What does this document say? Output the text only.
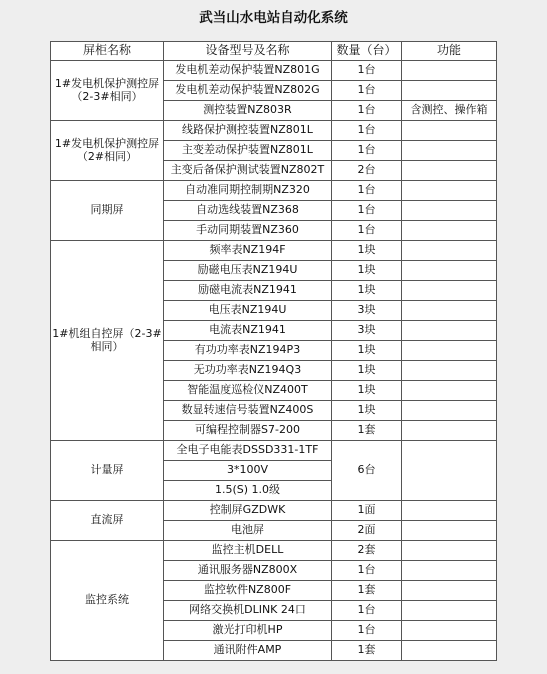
武当山水电站自动化系统
屏柜名称	设备型号及名称	数量（台）	功能
1#发电机保护测控屏（2-3#相同）	发电机差动保护装置NZ801G	1台	
	发电机差动保护装置NZ802G	1台	
	测控装置NZ803R	1台	含测控、操作箱
1#发电机保护测控屏（2#相同）	线路保护测控装置NZ801L	1台	
	主变差动保护装置NZ801L	1台	
	主变后备保护测试装置NZ802T	2台	
同期屏	自动准同期控制期NZ320	1台	
	自动选线装置NZ368	1台	
	手动同期装置NZ360	1台	
1#机组自控屏（2-3#相同）	频率表NZ194F	1块	
	励磁电压表NZ194U	1块	
	励磁电流表NZ1941	1块	
	电压表NZ194U	3块	
	电流表NZ1941	3块	
	有功功率表NZ194P3	1块	
	无功功率表NZ194Q3	1块	
	智能温度巡检仪NZ400T	1块	
	数显转速信号装置NZ400S	1块	
	可编程控制器S7-200	1套	
计量屏	全电子电能表DSSD331-1TF	6台	
	3*100V		
	1.5(S) 1.0级		
直流屏	控制屏GZDWK	1面	
	电池屏	2面	
监控系统	监控主机DELL	2套	
	通讯服务器NZ800X	1台	
	监控软件NZ800F	1套	
	网络交换机DLINK 24口	1台	
	激光打印机HP	1台	
	通讯附件AMP	1套	
